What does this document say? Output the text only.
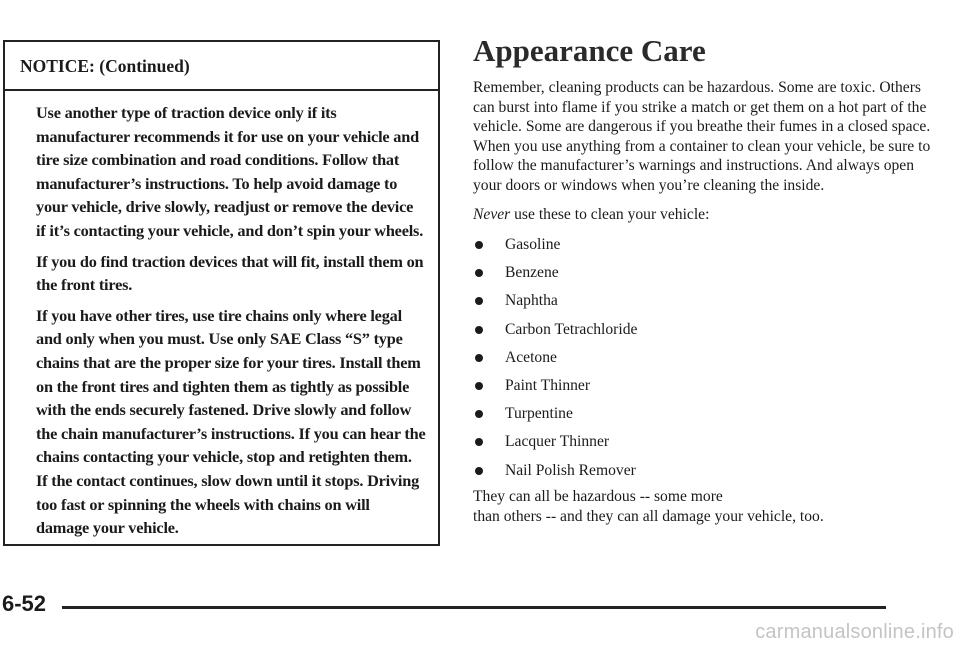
NOTICE: (Continued)

Use another type of traction device only if its manufacturer recommends it for use on your vehicle and tire size combination and road conditions. Follow that manufacturer’s instructions. To help avoid damage to your vehicle, drive slowly, readjust or remove the device if it’s contacting your vehicle, and don’t spin your wheels.

If you do find traction devices that will fit, install them on the front tires.

If you have other tires, use tire chains only where legal and only when you must. Use only SAE Class “S” type chains that are the proper size for your tires. Install them on the front tires and tighten them as tightly as possible with the ends securely fastened. Drive slowly and follow the chain manufacturer’s instructions. If you can hear the chains contacting your vehicle, stop and retighten them. If the contact continues, slow down until it stops. Driving too fast or spinning the wheels with chains on will damage your vehicle.

Appearance Care

Remember, cleaning products can be hazardous. Some are toxic. Others can burst into flame if you strike a match or get them on a hot part of the vehicle. Some are dangerous if you breathe their fumes in a closed space. When you use anything from a container to clean your vehicle, be sure to follow the manufacturer’s warnings and instructions. And always open your doors or windows when you’re cleaning the inside.

Never use these to clean your vehicle:

Gasoline
Benzene
Naphtha
Carbon Tetrachloride
Acetone
Paint Thinner
Turpentine
Lacquer Thinner
Nail Polish Remover

They can all be hazardous -- some more
than others -- and they can all damage your vehicle, too.

6-52
carmanualsonline.info
